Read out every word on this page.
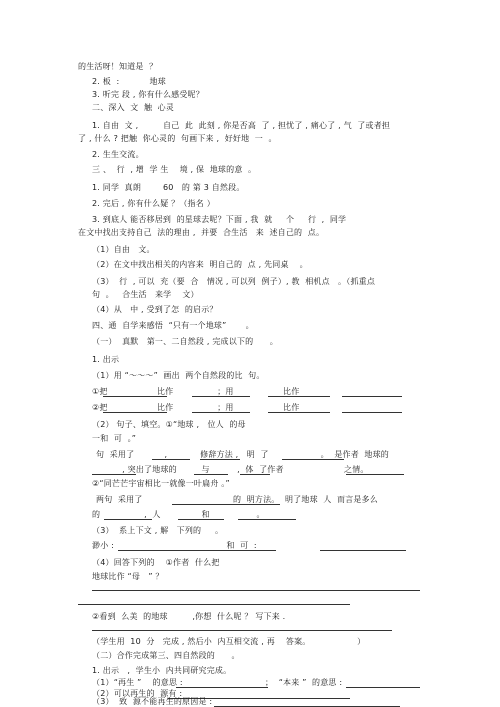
的生活呀！知道是  ？
2. 板  :           地球
3. 听完 段 , 你有什么感受呢？
二、深入  文  触  心灵
1. 自由  文 ,         自己  此  此刻 , 你是否高  了 , 担忧了 , 痛心了 , 气  了或者担
了 , 什么 ? 把触  你心灵的  句画下来 ,  好好地  一  。
2. 生生交流。
三 、  行  , 增  学 生    境 , 保  地球的意  。
1. 同学  真朗        60   的 第 3 自然段。
2. 完后 , 你有什么疑 ？（指名 ）
3. 到底人 能否移居到  的星球去呢？下面 , 我  就     个     行  ,  同学
在文中找出支持自己  法的理由 ,  并要  合生活   来  述自己的  点。
（1）自由   文。
（2）在文中找出相关的内容来  明自己的  点 , 先同桌    。
（3）  行  , 可以  充（要  合   情况 , 可以列  例子）, 教  相机点   。（抓重点
句  。   合生活   来学    文）
（4）从   中 , 受到了怎  的启示？
四、通  自学来感悟  “只有一个地球”       。
（一）  真默   第一、二自然段 , 完成以下的      。
1. 出示
（1）用 “～～～”  画出  两个自然段的比  句。
①把                  比作                ；用                  比作
②把                  比作                ；用                  比作
（2） 句子、填空。①“地球 ,   位人  的母
一和  可  。”
句  采用了           ,            修辞方法 ,   明  了                   。  是作者  地球的
, 突出了地球的         与          ,  体  了作者                      之情。
②“同芒芒宇宙相比一就像一叶扁舟 。”
两句  采用了                                 的  明方法。  明了地球  人  而言是多么
的                ,  人               和                 。
（3）  系上下文 , 解   下列的     。
渺小 :                                         和  可  :
（4）回答下列的    ①作者  什么把
地球比作 “母   ” ？
②看到  么美  的地球         ,你想  什么呢 ？ 写下来 .
（学生用  10  分   完成 , 然后小  内互相交流 , 再    答案。                 ）
（二）合作完成第三、四自然段的      。
1. 出示   ,  学生小  内共同研究完成。
（1）“再生 ”    的意思 :                              ；  “本来 ”  的意思 :
（2）可以再生的  源有 :
（3）  致  源不能再生的原因是 :
